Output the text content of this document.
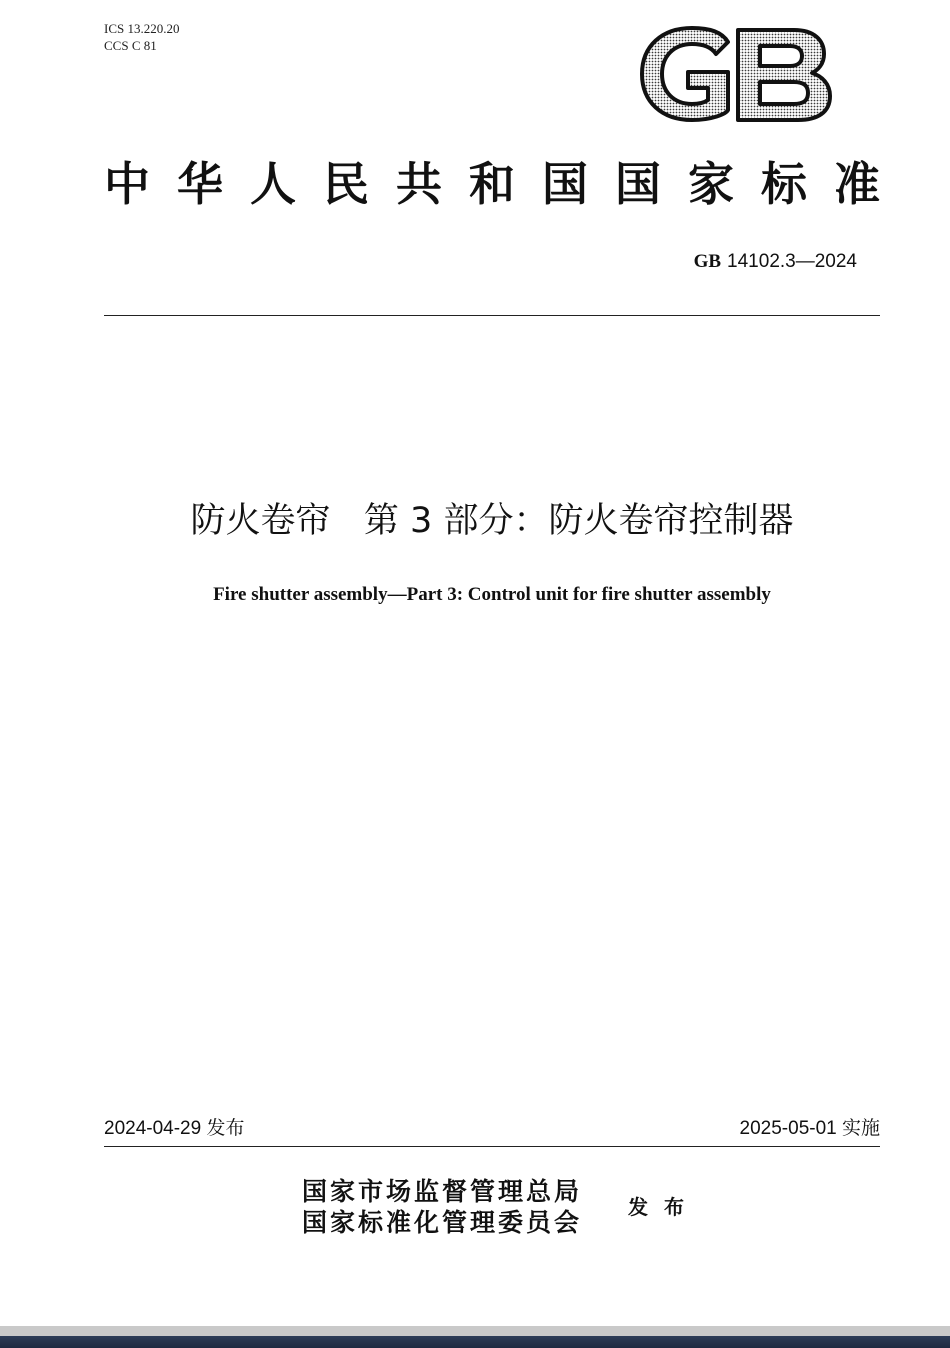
ICS 13.220.20
CCS C 81
中 华 人 民 共 和 国 国 家 标 准
GB 14102.3—2024
防火卷帘   第 3 部分：防火卷帘控制器
Fire shutter assembly—Part 3: Control unit for fire shutter assembly
2024-04-29 发布	2025-05-01 实施
国家市场监督管理总局
国家标准化管理委员会
发布
